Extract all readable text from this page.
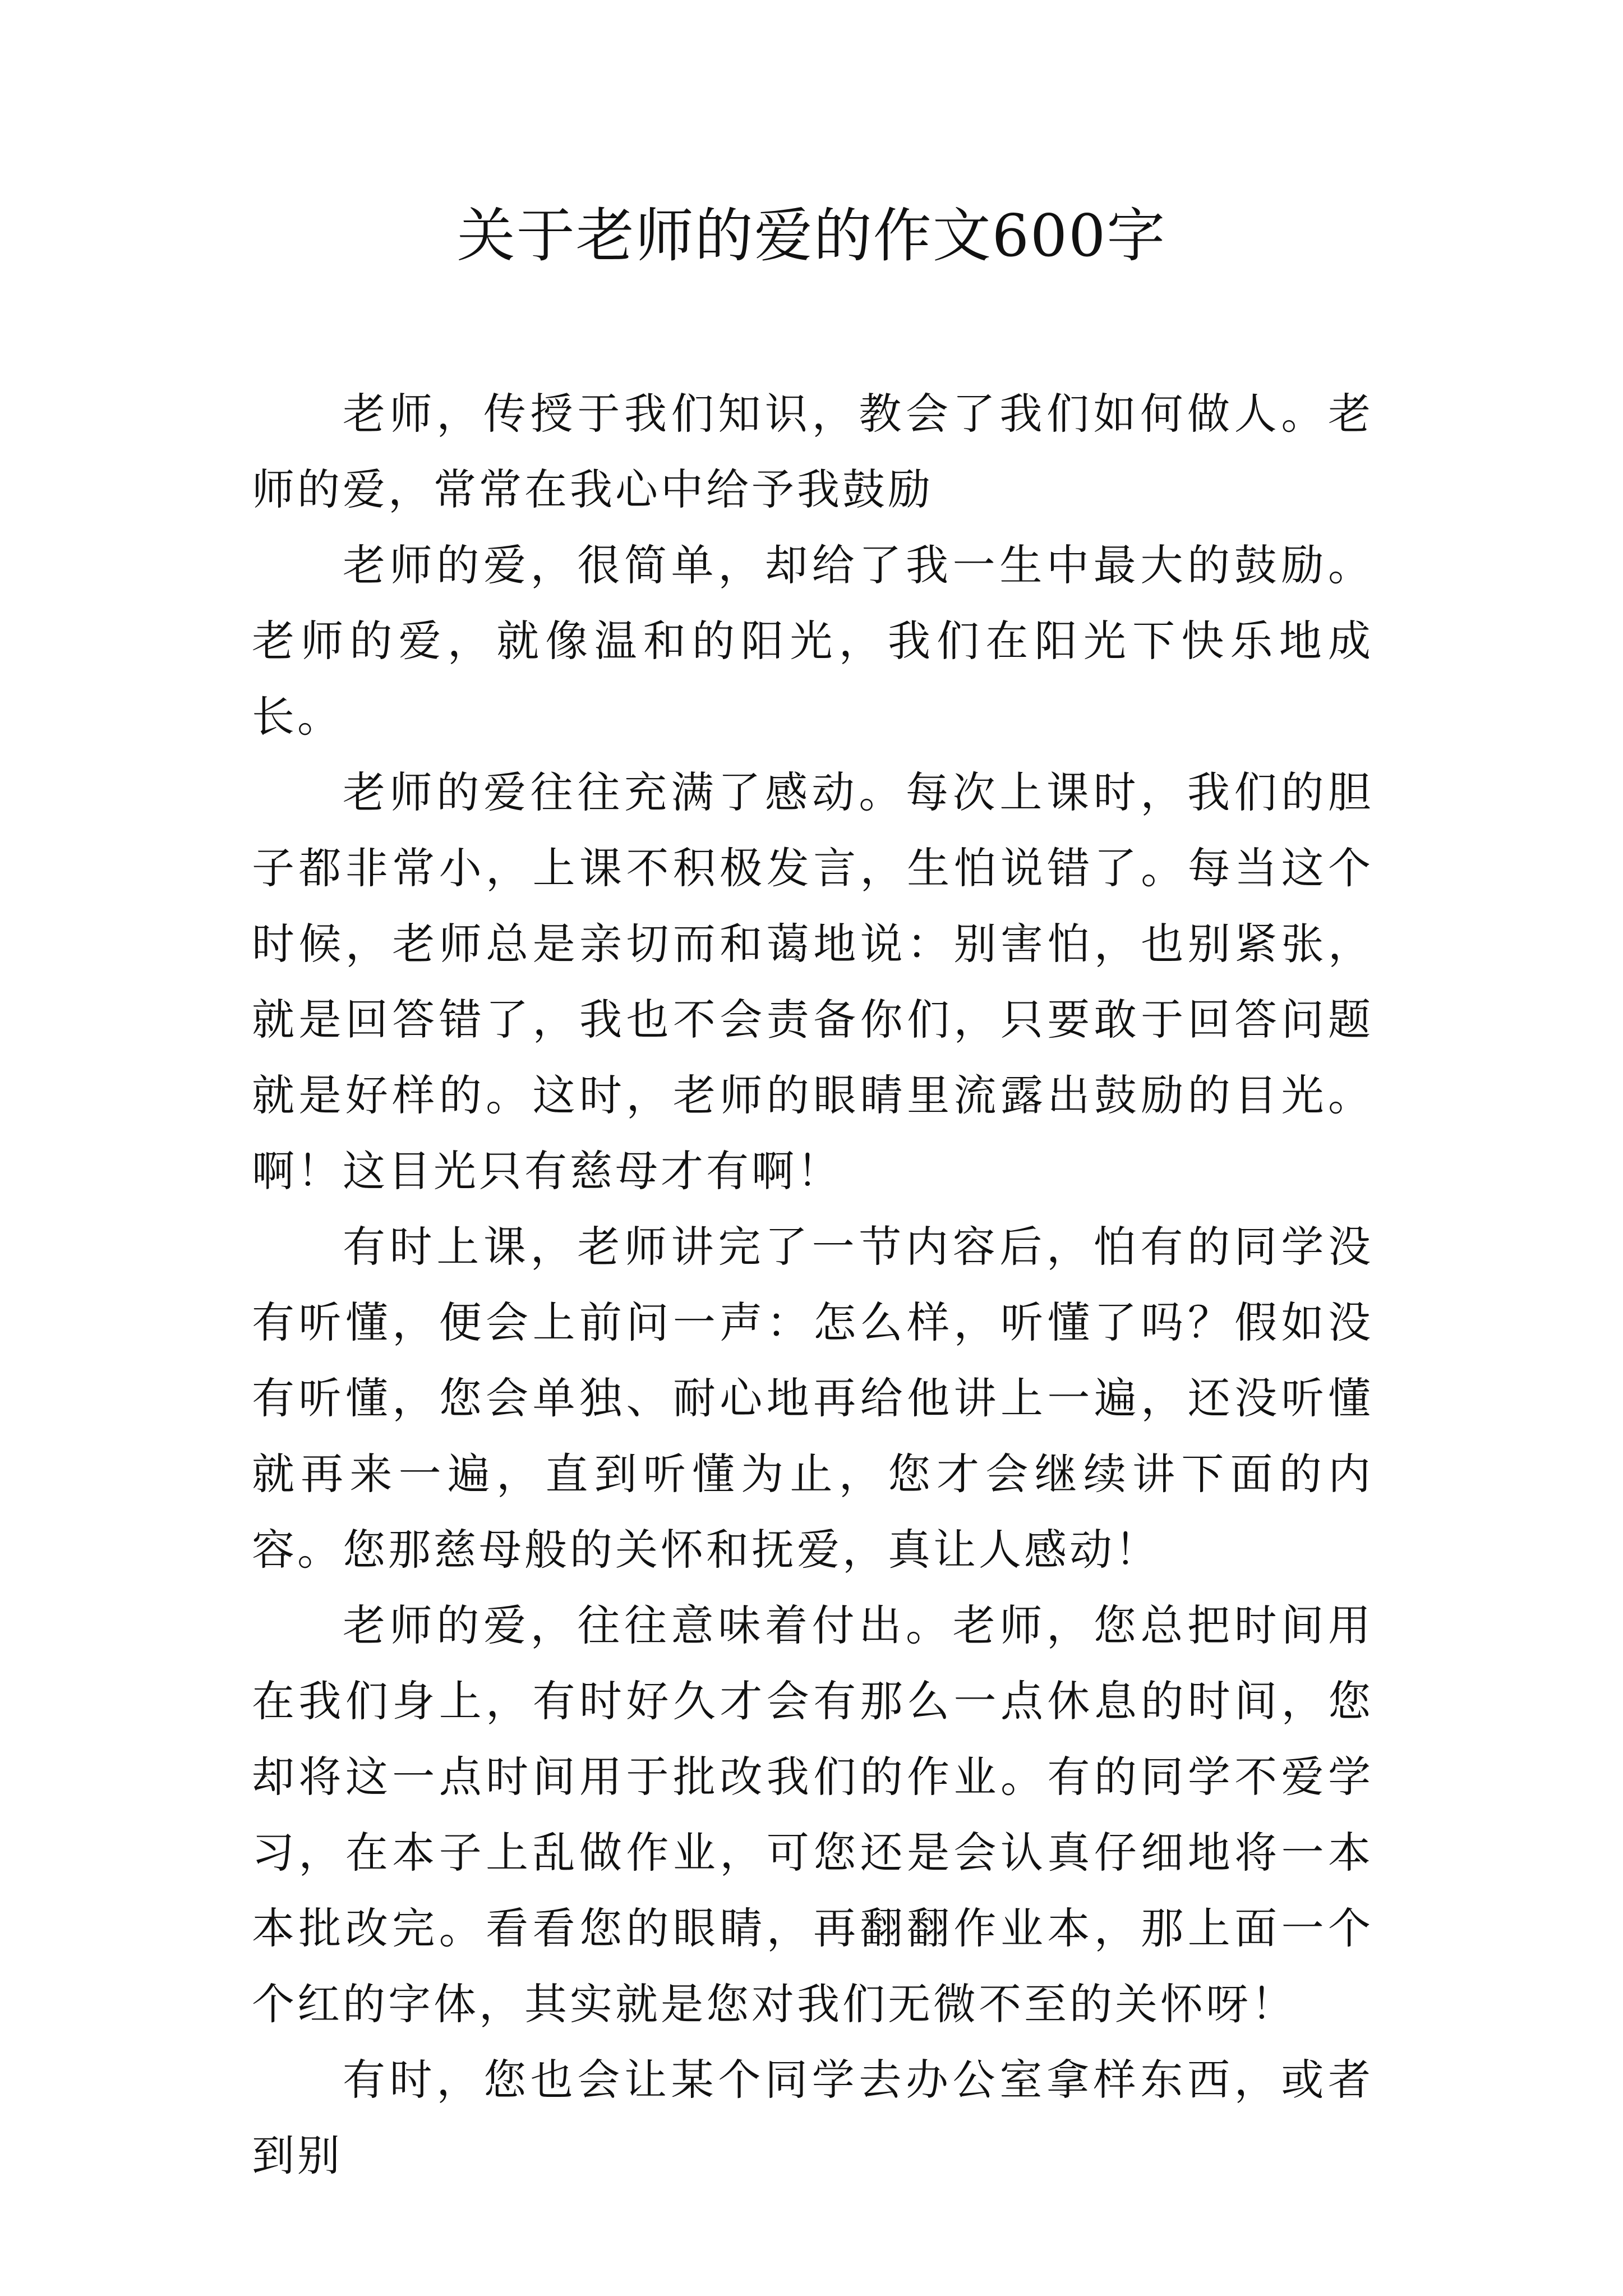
关于老师的爱的作文600字

老师，传授于我们知识，教会了我们如何做人。老师的爱，常常在我心中给予我鼓励

老师的爱，很简单，却给了我一生中最大的鼓励。老师的爱，就像温和的阳光，我们在阳光下快乐地成长。

老师的爱往往充满了感动。每次上课时，我们的胆子都非常小，上课不积极发言，生怕说错了。每当这个时候，老师总是亲切而和蔼地说：别害怕，也别紧张，就是回答错了，我也不会责备你们，只要敢于回答问题就是好样的。这时，老师的眼睛里流露出鼓励的目光。啊！这目光只有慈母才有啊！

有时上课，老师讲完了一节内容后，怕有的同学没有听懂，便会上前问一声：怎么样，听懂了吗？假如没有听懂，您会单独、耐心地再给他讲上一遍，还没听懂就再来一遍，直到听懂为止，您才会继续讲下面的内容。您那慈母般的关怀和抚爱，真让人感动！

老师的爱，往往意味着付出。老师，您总把时间用在我们身上，有时好久才会有那么一点休息的时间，您却将这一点时间用于批改我们的作业。有的同学不爱学习，在本子上乱做作业，可您还是会认真仔细地将一本本批改完。看看您的眼睛，再翻翻作业本，那上面一个个红的字体，其实就是您对我们无微不至的关怀呀！

有时，您也会让某个同学去办公室拿样东西，或者到别
